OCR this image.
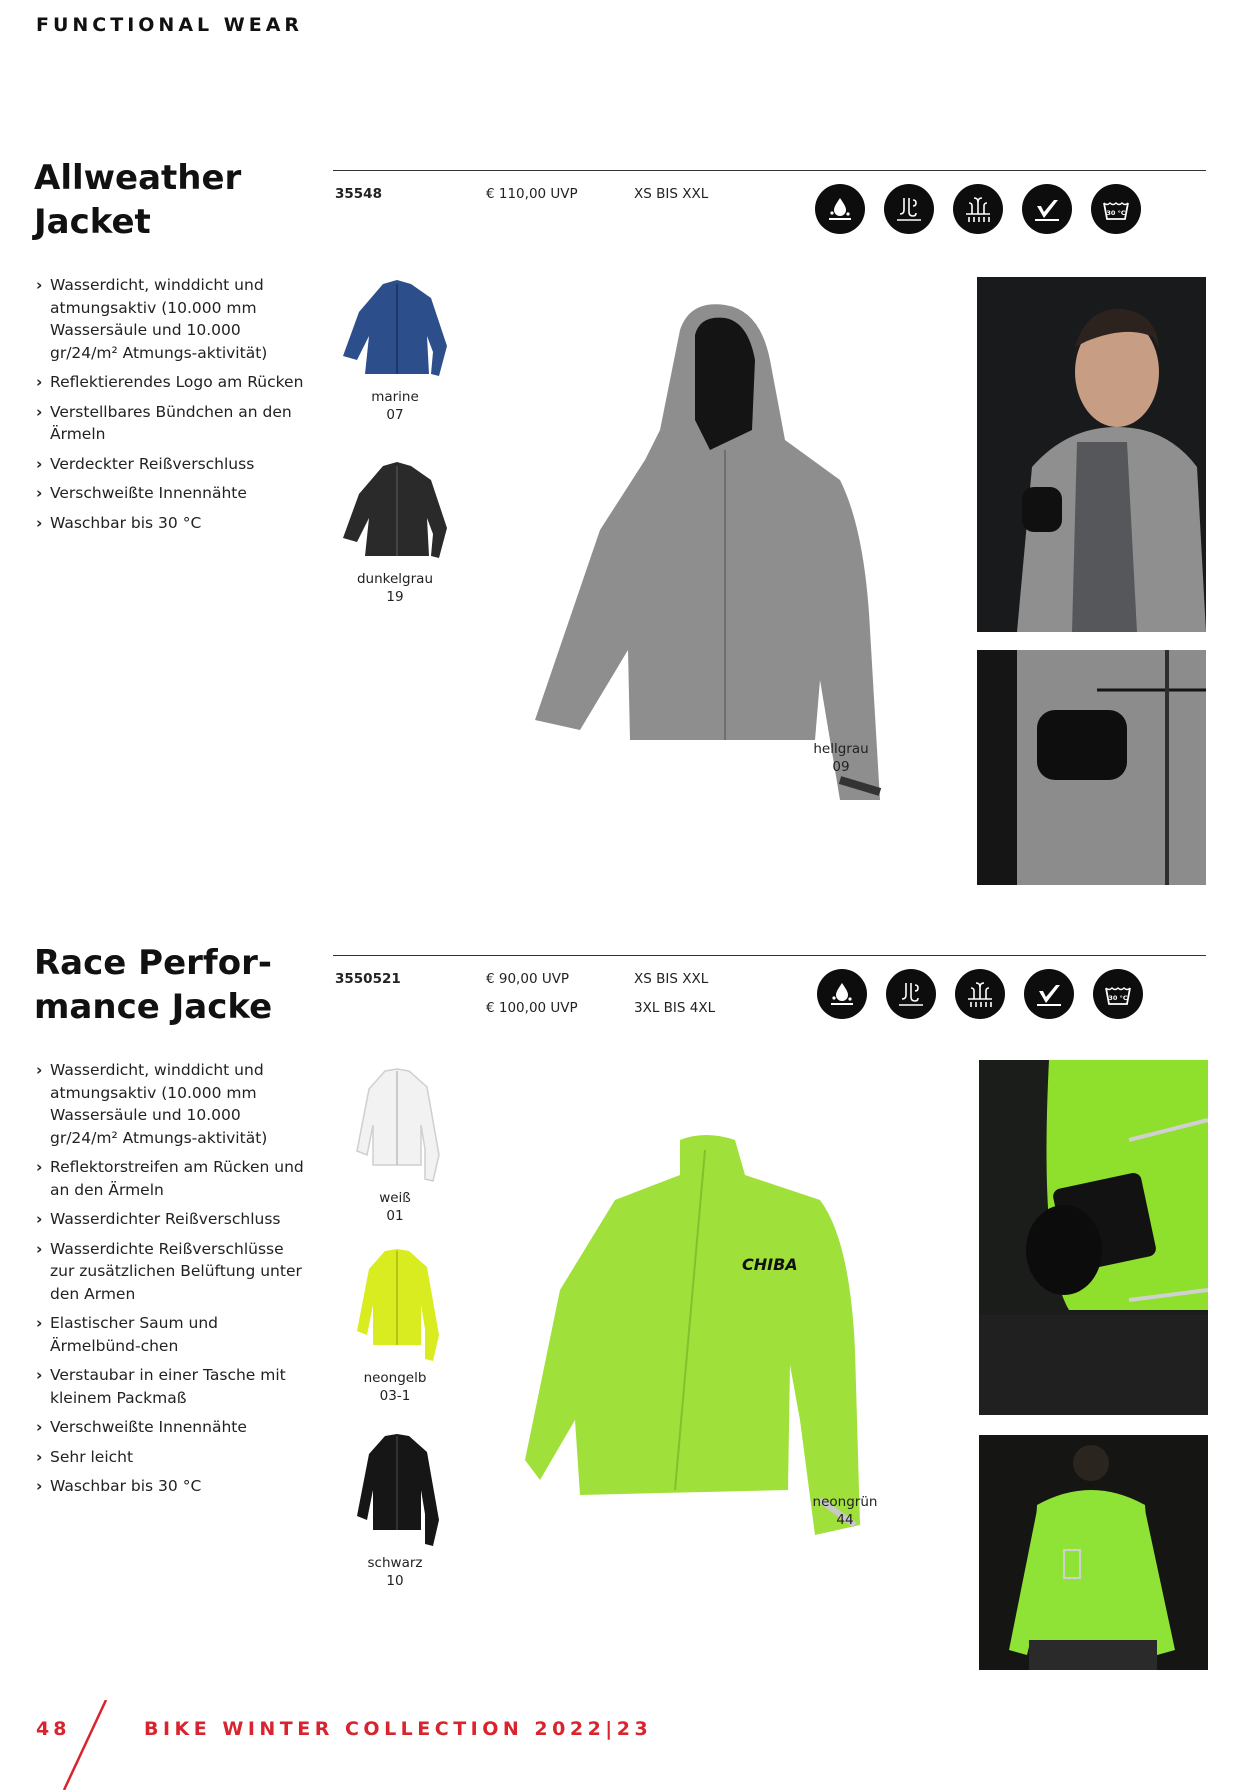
FUNCTIONAL WEAR
Allweather Jacket
35548	€ 110,00 UVP	XS BIS XXL
30 °C
› Wasserdicht, winddicht und atmungsaktiv (10.000 mm Wassersäule und 10.000 gr/24/m² Atmungs-aktivität)
› Reflektierendes Logo am Rücken
› Verstellbares Bündchen an den Ärmeln
› Verdeckter Reißverschluss
› Verschweißte Innennähte
› Waschbar bis 30 °C
marine
07
dunkelgrau
19
hellgrau
09
Race Perfor-mance Jacke
3550521	€ 90,00 UVP	XS BIS XXL
€ 100,00 UVP	3XL BIS 4XL
30 °C
› Wasserdicht, winddicht und atmungsaktiv (10.000 mm Wassersäule und 10.000 gr/24/m² Atmungs-aktivität)
› Reflektorstreifen am Rücken und an den Ärmeln
› Wasserdichter Reißverschluss
› Wasserdichte Reißverschlüsse zur zusätzlichen Belüftung unter den Armen
› Elastischer Saum und Ärmelbünd-chen
› Verstaubar in einer Tasche mit kleinem Packmaß
› Verschweißte Innennähte
› Sehr leicht
› Waschbar bis 30 °C
weiß
01
neongelb
03-1
schwarz
10
CHIBA
neongrün
44
48	BIKE WINTER COLLECTION 2022|23
